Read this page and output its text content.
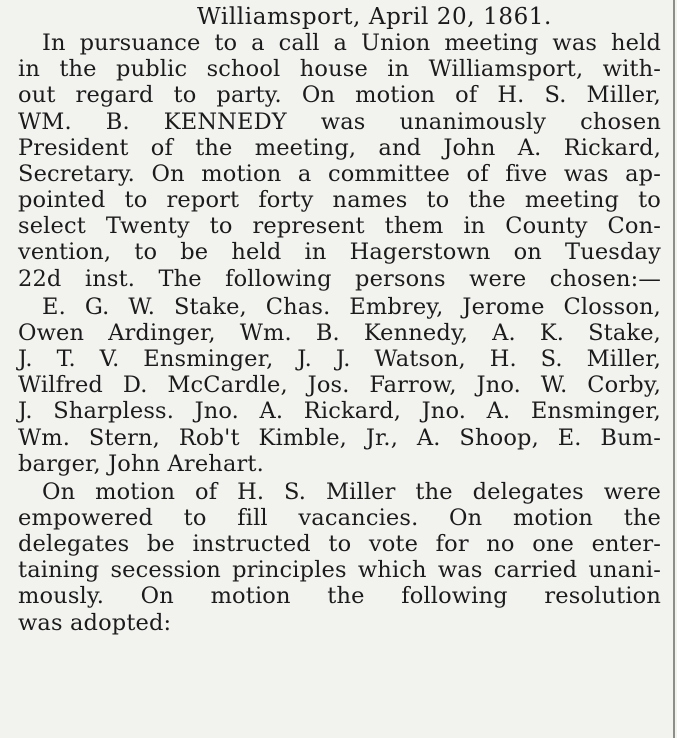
Williamsport, April 20, 1861.
In pursuance to a call a Union meeting was held
in the public school house in Williamsport, with-
out regard to party. On motion of H. S. Miller,
WM. B. KENNEDY was unanimously chosen
President of the meeting, and John A. Rickard,
Secretary. On motion a committee of five was ap-
pointed to report forty names to the meeting to
select Twenty to represent them in County Con-
vention, to be held in Hagerstown on Tuesday
22d inst. The following persons were chosen:—
E. G. W. Stake, Chas. Embrey, Jerome Closson,
Owen Ardinger, Wm. B. Kennedy, A. K. Stake,
J. T. V. Ensminger, J. J. Watson, H. S. Miller,
Wilfred D. McCardle, Jos. Farrow, Jno. W. Corby,
J. Sharpless. Jno. A. Rickard, Jno. A. Ensminger,
Wm. Stern, Rob't Kimble, Jr., A. Shoop, E. Bum-
barger, John Arehart.
On motion of H. S. Miller the delegates were
empowered to fill vacancies. On motion the
delegates be instructed to vote for no one enter-
taining secession principles which was carried unani-
mously. On motion the following resolution
was adopted:
